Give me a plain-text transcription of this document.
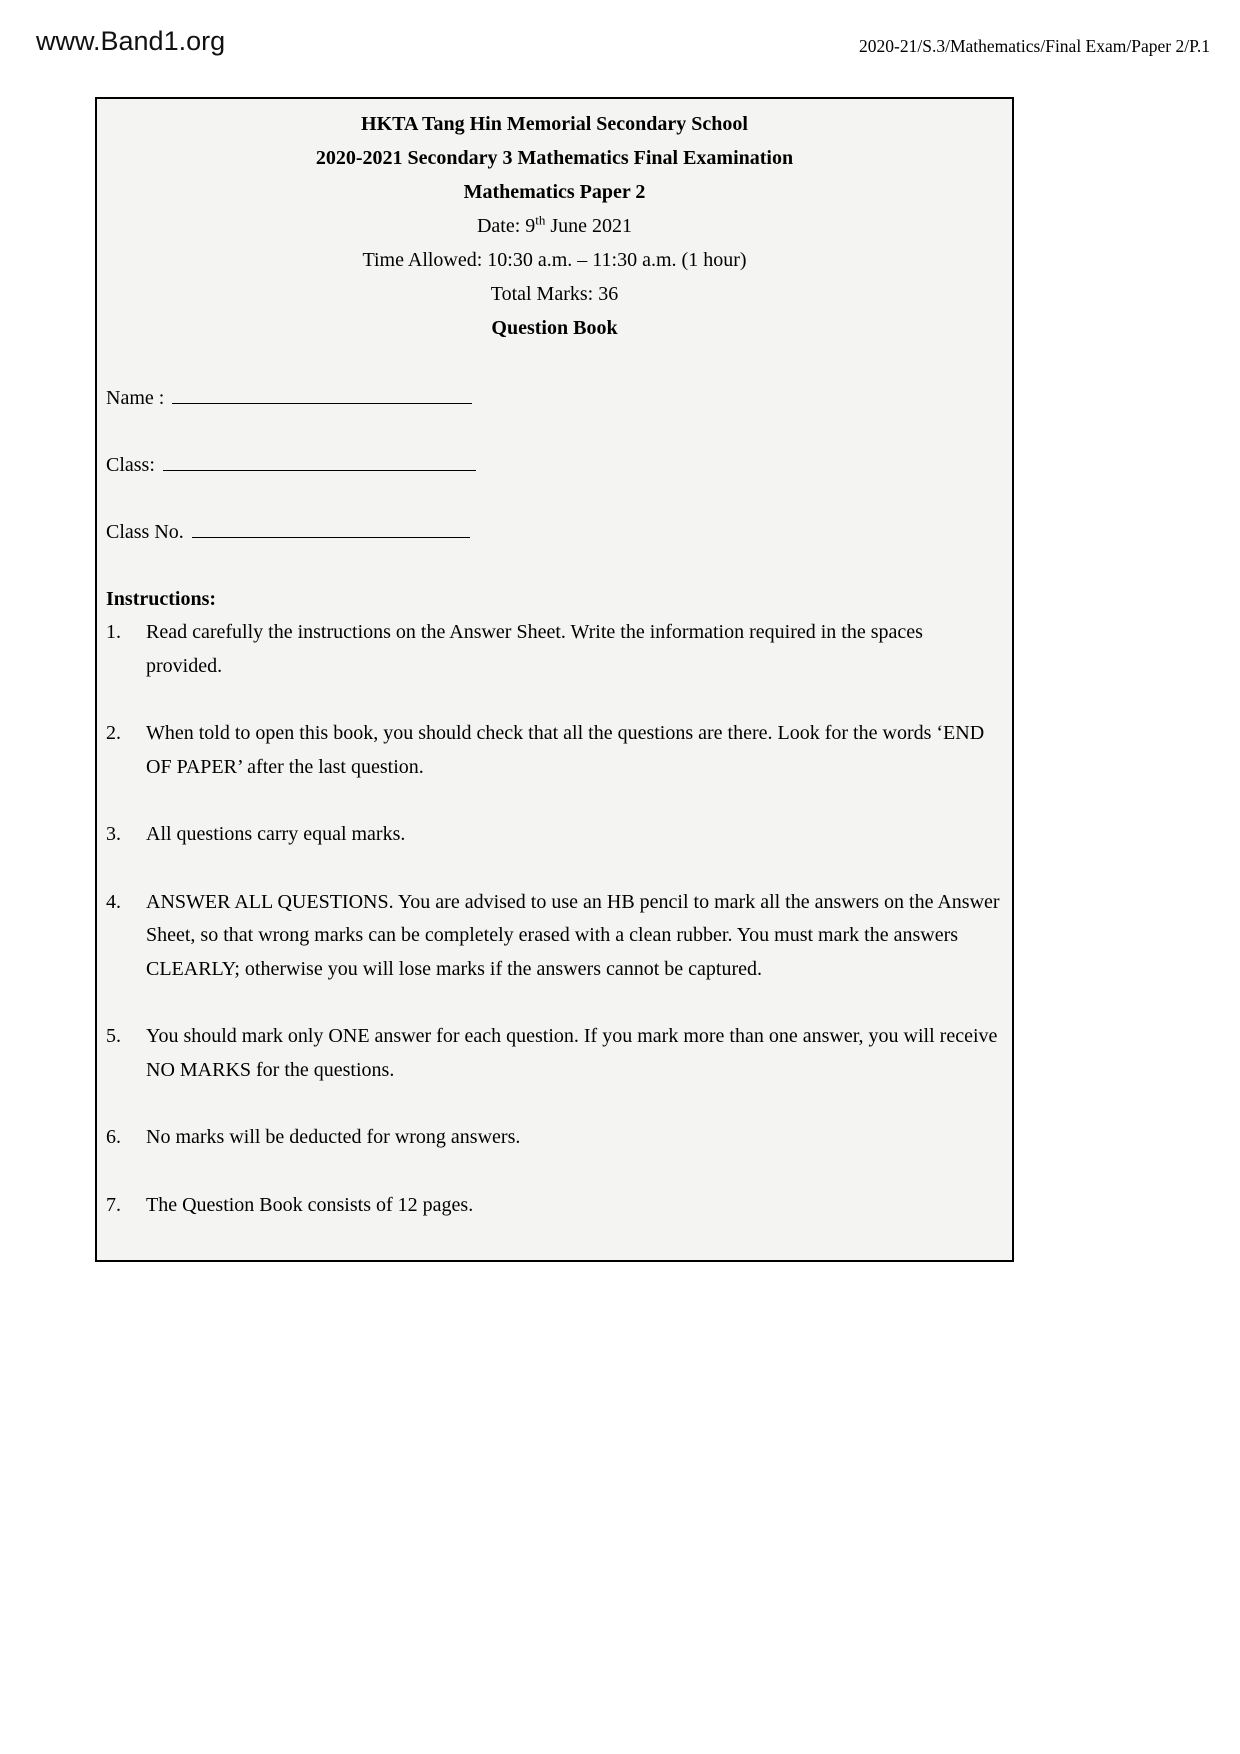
www.Band1.org	2020-21/S.3/Mathematics/Final Exam/Paper 2/P.1
HKTA Tang Hin Memorial Secondary School
2020-2021 Secondary 3 Mathematics Final Examination
Mathematics Paper 2
Date: 9th June 2021
Time Allowed: 10:30 a.m. – 11:30 a.m. (1 hour)
Total Marks: 36
Question Book
Name :
Class:
Class No.
Instructions:
1.	Read carefully the instructions on the Answer Sheet. Write the information required in the spaces provided.
2.	When told to open this book, you should check that all the questions are there. Look for the words ‘END OF PAPER’ after the last question.
3.	All questions carry equal marks.
4.	ANSWER ALL QUESTIONS. You are advised to use an HB pencil to mark all the answers on the Answer Sheet, so that wrong marks can be completely erased with a clean rubber. You must mark the answers CLEARLY; otherwise you will lose marks if the answers cannot be captured.
5.	You should mark only ONE answer for each question. If you mark more than one answer, you will receive NO MARKS for the questions.
6.	No marks will be deducted for wrong answers.
7.	The Question Book consists of 12 pages.
